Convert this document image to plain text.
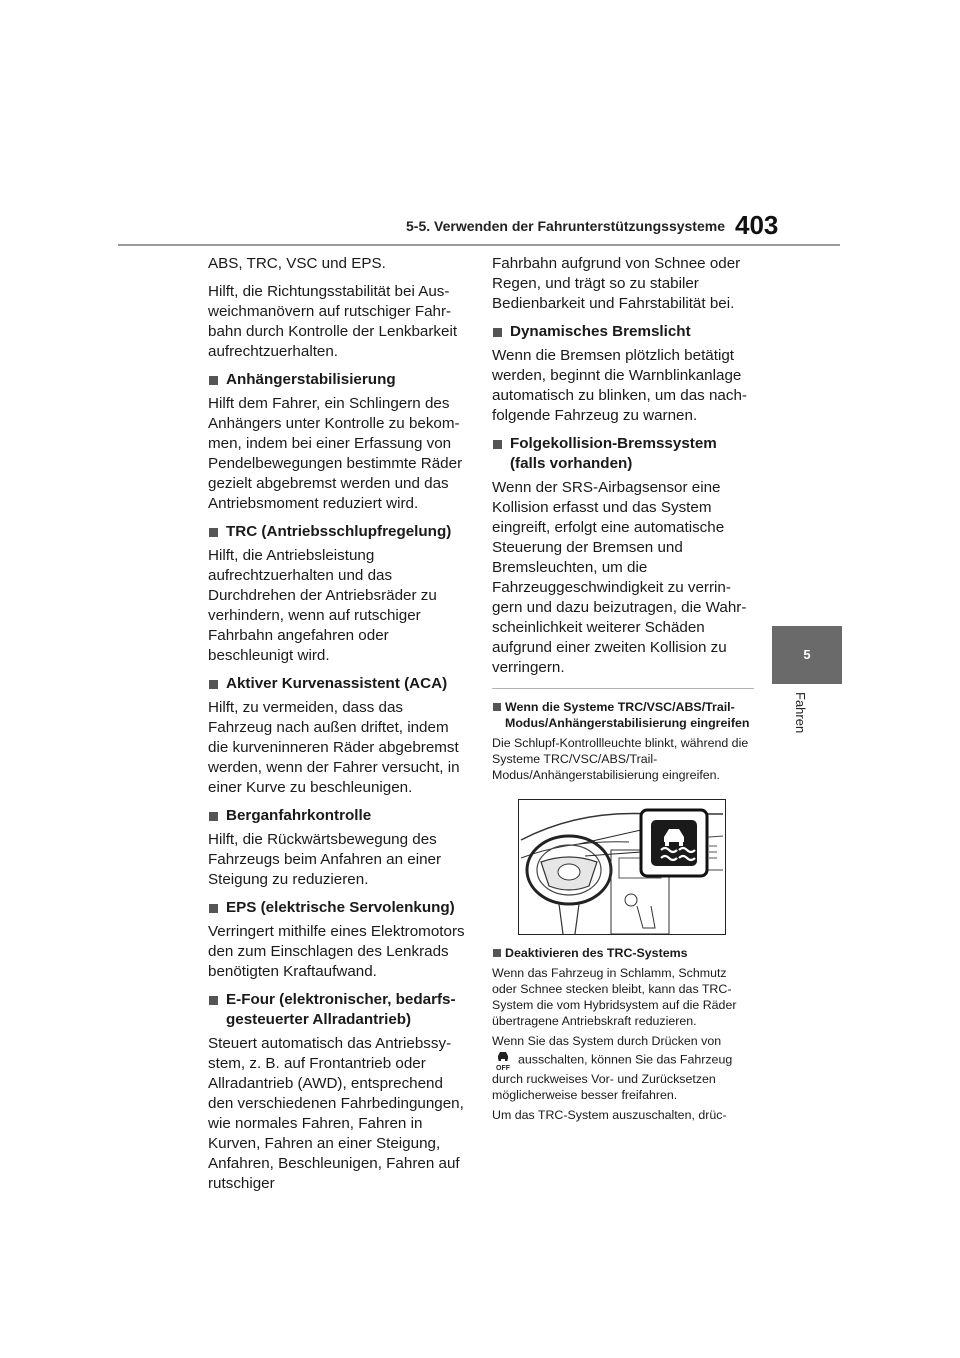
5-5. Verwenden der Fahrunterstützungssysteme 403
5
Fahren

ABS, TRC, VSC und EPS.

Hilft, die Richtungsstabilität bei Ausweichmanövern auf rutschiger Fahrbahn durch Kontrolle der Lenkbarkeit aufrechtzuerhalten.

Anhängerstabilisierung

Hilft dem Fahrer, ein Schlingern des Anhängers unter Kontrolle zu bekommen, indem bei einer Erfassung von Pendelbewegungen bestimmte Räder gezielt abgebremst werden und das Antriebsmoment reduziert wird.

TRC (Antriebsschlupfregelung)

Hilft, die Antriebsleistung aufrechtzuerhalten und das Durchdrehen der Antriebsräder zu verhindern, wenn auf rutschiger Fahrbahn angefahren oder beschleunigt wird.

Aktiver Kurvenassistent (ACA)

Hilft, zu vermeiden, dass das Fahrzeug nach außen driftet, indem die kurveninneren Räder abgebremst werden, wenn der Fahrer versucht, in einer Kurve zu beschleunigen.

Berganfahrkontrolle

Hilft, die Rückwärtsbewegung des Fahrzeugs beim Anfahren an einer Steigung zu reduzieren.

EPS (elektrische Servolenkung)

Verringert mithilfe eines Elektromotors den zum Einschlagen des Lenkrads benötigten Kraftaufwand.

E-Four (elektronischer, bedarfsgesteuerter Allradantrieb)

Steuert automatisch das Antriebssystem, z. B. auf Frontantrieb oder Allradantrieb (AWD), entsprechend den verschiedenen Fahrbedingungen, wie normales Fahren, Fahren in Kurven, Fahren an einer Steigung, Anfahren, Beschleunigen, Fahren auf rutschiger

Fahrbahn aufgrund von Schnee oder Regen, und trägt so zu stabiler Bedienbarkeit und Fahrstabilität bei.

Dynamisches Bremslicht

Wenn die Bremsen plötzlich betätigt werden, beginnt die Warnblinkanlage automatisch zu blinken, um das nachfolgende Fahrzeug zu warnen.

Folgekollision-Bremssystem (falls vorhanden)

Wenn der SRS-Airbagsensor eine Kollision erfasst und das System eingreift, erfolgt eine automatische Steuerung der Bremsen und Bremsleuchten, um die Fahrzeuggeschwindigkeit zu verringern und dazu beizutragen, die Wahrscheinlichkeit weiterer Schäden aufgrund einer zweiten Kollision zu verringern.

Wenn die Systeme TRC/VSC/ABS/Trail-Modus/Anhängerstabilisierung eingreifen

Die Schlupf-Kontrollleuchte blinkt, während die Systeme TRC/VSC/ABS/Trail-Modus/Anhängerstabilisierung eingreifen.

Deaktivieren des TRC-Systems

Wenn das Fahrzeug in Schlamm, Schmutz oder Schnee stecken bleibt, kann das TRC-System die vom Hybridsystem auf die Räder übertragene Antriebskraft reduzieren.

Wenn Sie das System durch Drücken von

OFF
ausschalten, können Sie das Fahrzeug durch ruckweises Vor- und Zurücksetzen möglicherweise besser freifahren.

Um das TRC-System auszuschalten, drüc-
